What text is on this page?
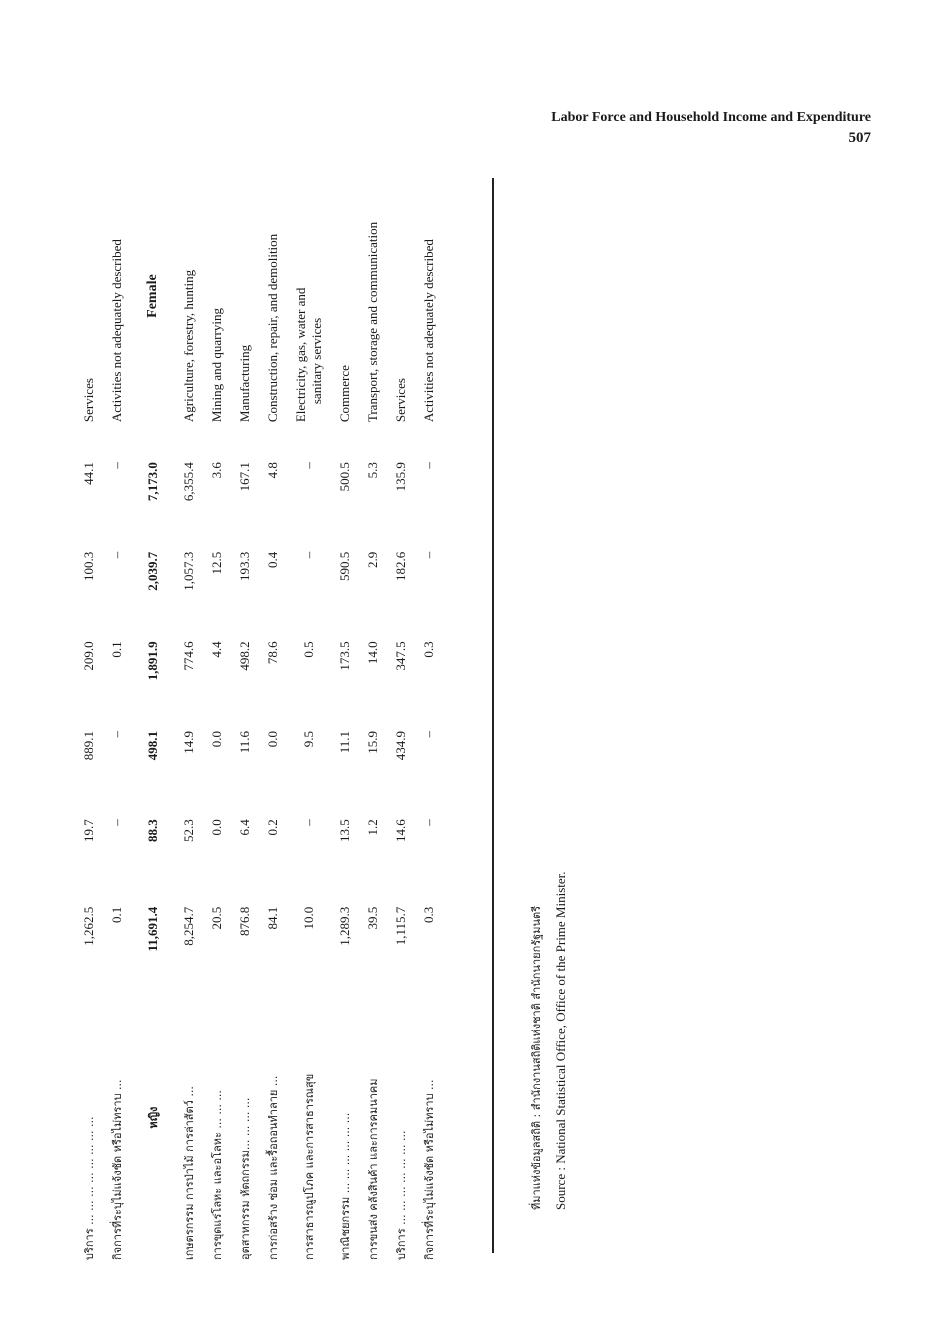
Labor Force and Household Income and Expenditure
507
บริการ ... ... ... ... ... ... ... ...	1,262.5	19.7	889.1	209.0	100.3	44.1	Services
กิจการที่ระบุไม่แจ้งชัด หรือไม่ทราบ ...	0.1	–	–	0.1	–	–	Activities not adequately described
หญิง	11,691.4	88.3	498.1	1,891.9	2,039.7	7,173.0	Female
เกษตรกรรม การป่าไม้ การล่าสัตว์ ...	8,254.7	52.3	14.9	774.6	1,057.3	6,355.4	Agriculture, forestry, hunting
การขุดแร่โลหะ และอโลหะ ... ... ...	20.5	0.0	0.0	4.4	12.5	3.6	Mining and quarrying
อุตสาหกรรม หัตถกรรม... ... ... ...	876.8	6.4	11.6	498.2	193.3	167.1	Manufacturing
การก่อสร้าง ซ่อม และรื้อถอนทำลาย ...	84.1	0.2	0.0	78.6	0.4	4.8	Construction, repair, and demolition
การสาธารณูปโภค และการสาธารณสุข	10.0	–	9.5	0.5	–	–	Electricity, gas, water and sanitary services

พาณิชยกรรม ... ... ... ... ... ...	1,289.3	13.5	11.1	173.5	590.5	500.5	Commerce
การขนส่ง คลังสินค้า และการคมนาคม	39.5	1.2	15.9	14.0	2.9	5.3	Transport, storage and communication
บริการ ... ... ... ... ... ... ...	1,115.7	14.6	434.9	347.5	182.6	135.9	Services
กิจการที่ระบุไม่แจ้งชัด หรือไม่ทราบ ...	0.3	–	–	0.3	–	–	Activities not adequately described
ที่มาแห่งข้อมูลสถิติ : สำนักงานสถิติแห่งชาติ สำนักนายกรัฐมนตรี Source : National Statistical Office, Office of the Prime Minister.
